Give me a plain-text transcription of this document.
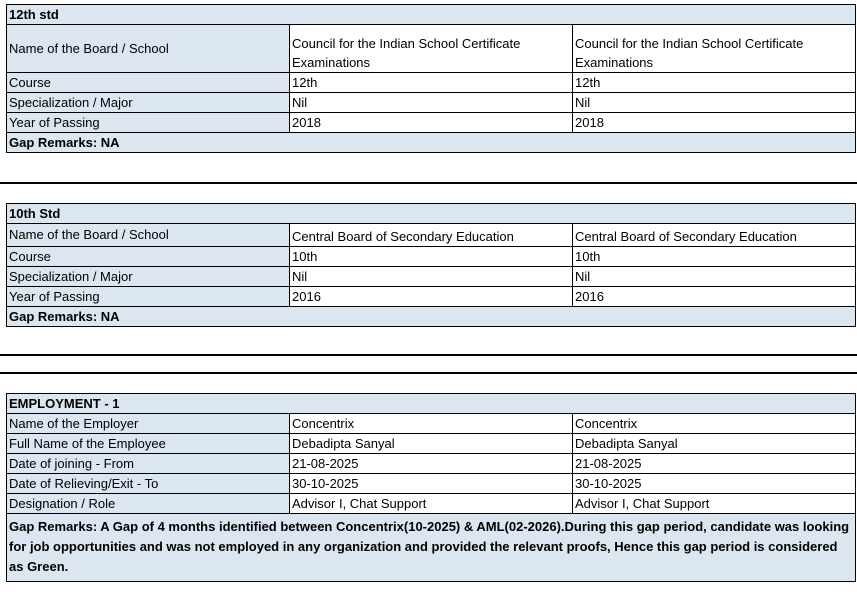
12th std		
Name of the Board / School	Council for the Indian School Certificate Examinations	Council for the Indian School Certificate Examinations
Course	12th	12th
Specialization / Major	Nil	Nil
Year of Passing	2018	2018
Gap Remarks: NA		
10th Std		
Name of the Board / School	Central Board of Secondary Education	Central Board of Secondary Education
Course	10th	10th
Specialization / Major	Nil	Nil
Year of Passing	2016	2016
Gap Remarks: NA		
EMPLOYMENT - 1		
Name of the Employer	Concentrix	Concentrix
Full Name of the Employee	Debadipta Sanyal	Debadipta Sanyal
Date of joining - From	21-08-2025	21-08-2025
Date of Relieving/Exit - To	30-10-2025	30-10-2025
Designation / Role	Advisor I, Chat Support	Advisor I, Chat Support
Gap Remarks: A Gap of 4 months identified between Concentrix(10-2025) & AML(02-2026).During this gap period, candidate was looking for job opportunities and was not employed in any organization and provided the relevant proofs, Hence this gap period is considered as Green.		
